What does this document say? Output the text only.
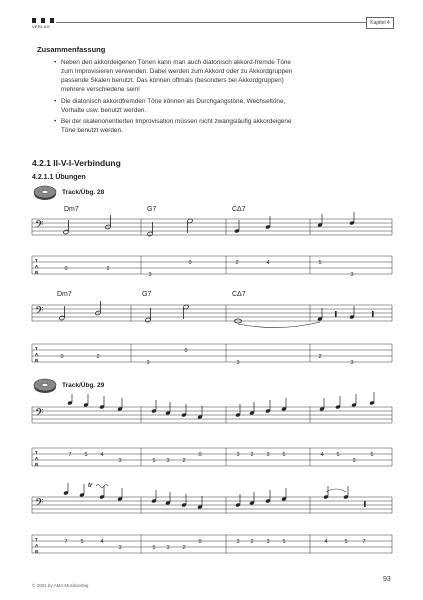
VERLAG
Kapitel 4
Zusammenfassung
• Neben den akkordeigenen Tönen kann man auch diatonisch akkord-fremde Töne zum Improvisieren verwenden. Dabei werden zum Akkord oder zu Akkordgruppen passende Skalen benutzt. Das können oftmals (besonders bei Akkordgruppen) mehrere verschiedene sein!
• Die diatonisch akkordfremden Töne können als Durchgangstöne, Wechseltöne, Vorhalte usw. benutzt werden.
• Bei der skalenorientierten Improvisation müssen nicht zwangsläufig akkordeigene Töne benutzt werden.
4.2.1 II-V-I-Verbindung
4.2.1.1 Übungen
Track/Übg. 28
Dm7	G7	CΔ7
𝄢
T
A
B
0	2
3
0	2	4	5
3
Dm7	G7	CΔ7
𝄢
T
A
B
0	2
3
0
3
2
3
Track/Übg. 29
𝄢
T
A
B
7 5 4
3	5 3 2
0	3 2 3 5	4 5
3
5
tr
𝄢
T
A
B
7 5	4
3	5 3 2
0	3 2 3 5	4	5	7
© 2001 by AMA Musikverlag
93
